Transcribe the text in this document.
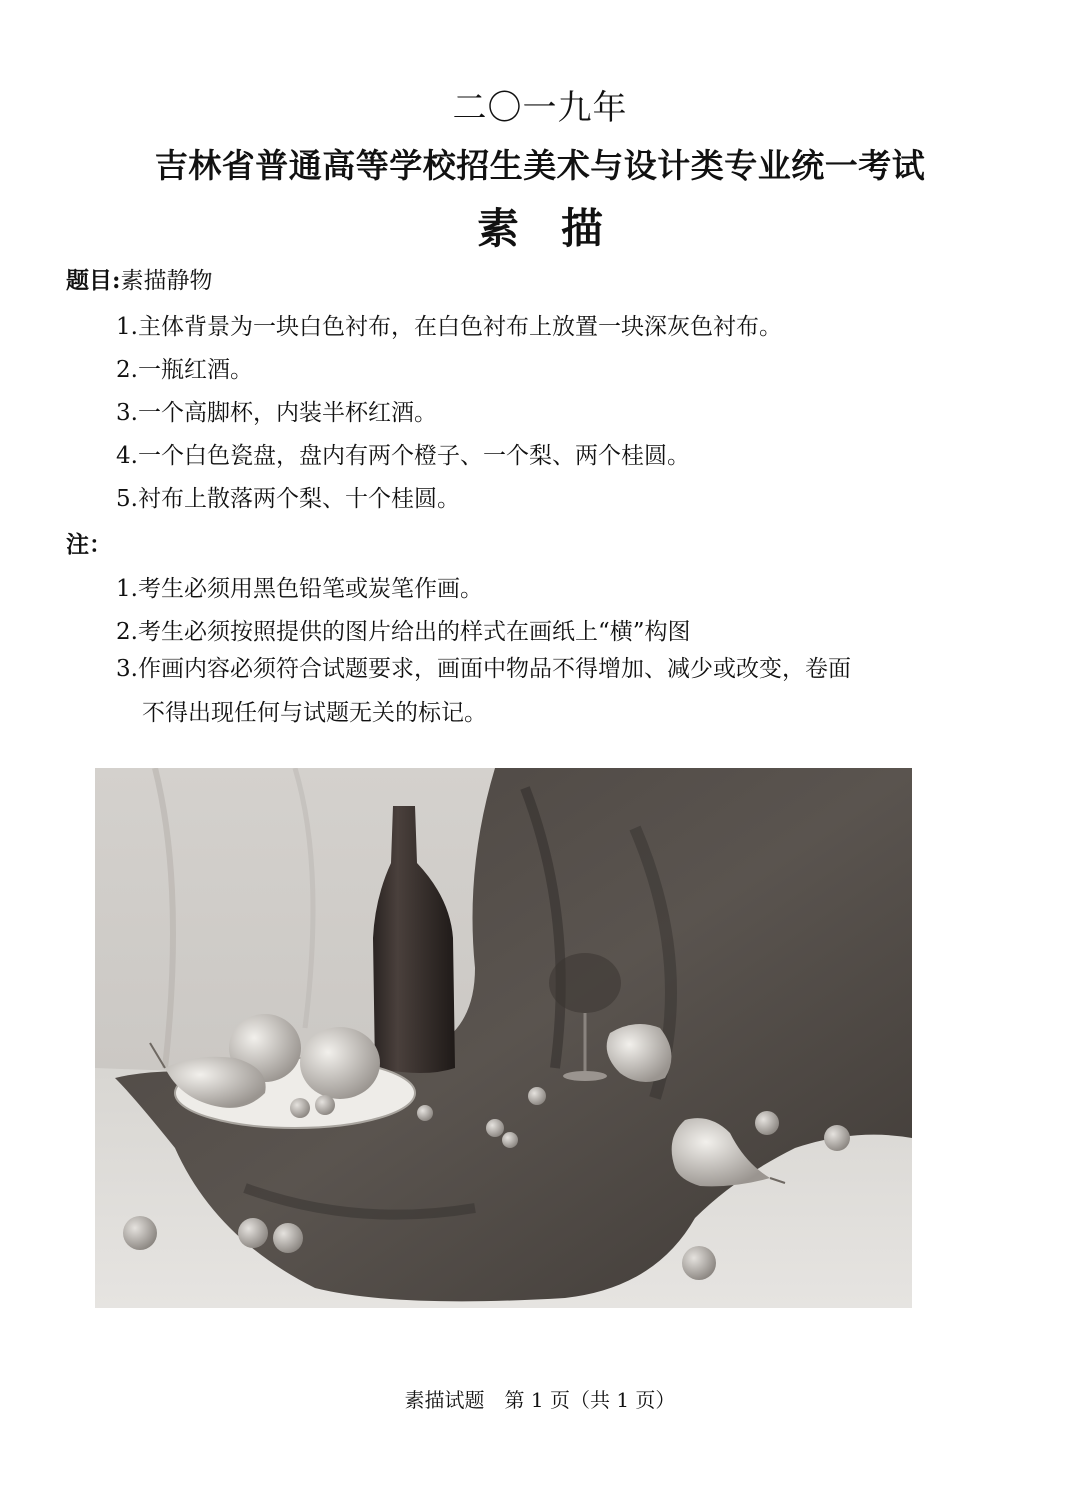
二〇一九年
吉林省普通高等学校招生美术与设计类专业统一考试
素　描
题目:素描静物
1.主体背景为一块白色衬布，在白色衬布上放置一块深灰色衬布。
2.一瓶红酒。
3.一个高脚杯，内装半杯红酒。
4.一个白色瓷盘，盘内有两个橙子、一个梨、两个桂圆。
5.衬布上散落两个梨、十个桂圆。
注：
1.考生必须用黑色铅笔或炭笔作画。
2.考生必须按照提供的图片给出的样式在画纸上“横”构图
3.作画内容必须符合试题要求，画面中物品不得增加、减少或改变，卷面
不得出现任何与试题无关的标记。
素描试题　第 1 页（共 1 页）
